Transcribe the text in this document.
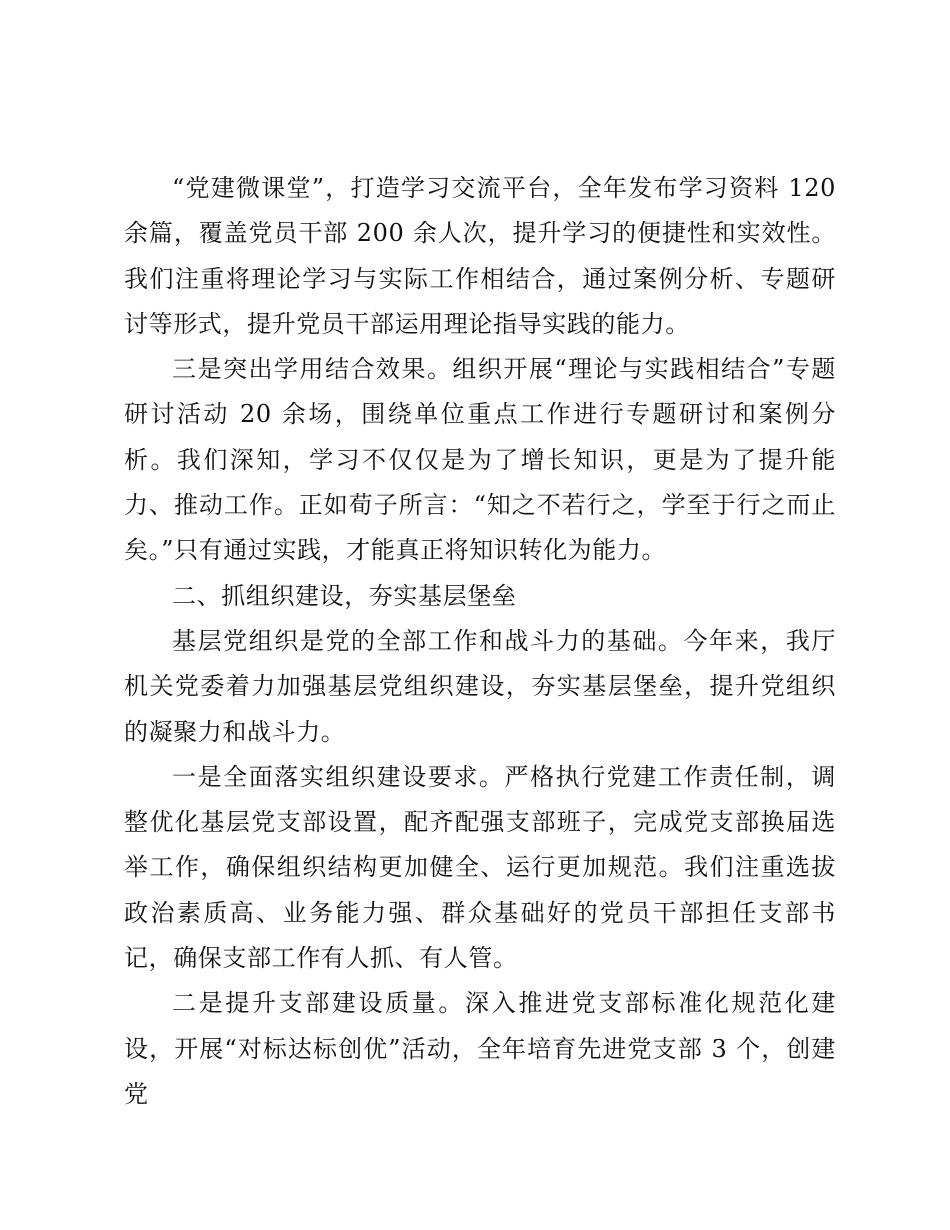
“党建微课堂”，打造学习交流平台，全年发布学习资料 120 余篇，覆盖党员干部 200 余人次，提升学习的便捷性和实效性。我们注重将理论学习与实际工作相结合，通过案例分析、专题研讨等形式，提升党员干部运用理论指导实践的能力。

三是突出学用结合效果。组织开展“理论与实践相结合”专题研讨活动 20 余场，围绕单位重点工作进行专题研讨和案例分析。我们深知，学习不仅仅是为了增长知识，更是为了提升能力、推动工作。正如荀子所言：“知之不若行之，学至于行之而止矣。”只有通过实践，才能真正将知识转化为能力。

二、抓组织建设，夯实基层堡垒

基层党组织是党的全部工作和战斗力的基础。今年来，我厅机关党委着力加强基层党组织建设，夯实基层堡垒，提升党组织的凝聚力和战斗力。

一是全面落实组织建设要求。严格执行党建工作责任制，调整优化基层党支部设置，配齐配强支部班子，完成党支部换届选举工作，确保组织结构更加健全、运行更加规范。我们注重选拔政治素质高、业务能力强、群众基础好的党员干部担任支部书记，确保支部工作有人抓、有人管。

二是提升支部建设质量。深入推进党支部标准化规范化建设，开展“对标达标创优”活动，全年培育先进党支部 3 个，创建党
